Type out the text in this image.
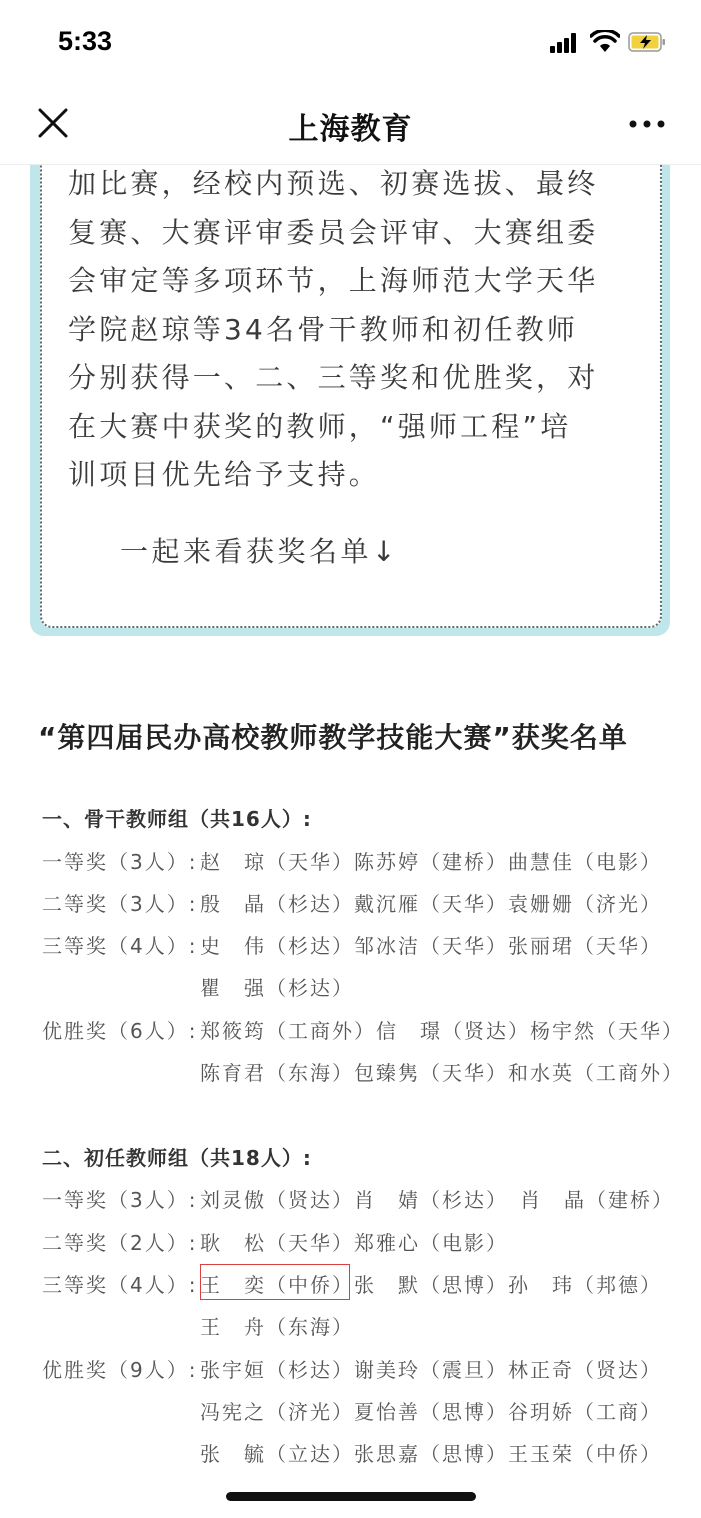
5:33
上海教育
加比赛，经校内预选、初赛选拔、最终
复赛、大赛评审委员会评审、大赛组委
会审定等多项环节，上海师范大学天华
学院赵琼等34名骨干教师和初任教师
分别获得一、二、三等奖和优胜奖，对
在大赛中获奖的教师，“强师工程”培
训项目优先给予支持。
一起来看获奖名单↓
“第四届民办高校教师教学技能大赛”获奖名单
一、骨干教师组（共16人）:
一等奖（3人）: 赵　琼（天华）陈苏婷（建桥）曲慧佳（电影）
二等奖（3人）: 殷　晶（杉达）戴沉雁（天华）袁姗姗（济光）
三等奖（4人）: 史　伟（杉达）邹冰洁（天华）张丽珺（天华）
瞿　强（杉达）
优胜奖（6人）: 郑筱筠（工商外）信　璟（贤达）杨宇然（天华）
陈育君（东海）包臻隽（天华）和水英（工商外）
二、初任教师组（共18人）:
一等奖（3人）: 刘灵傲（贤达）肖　婧（杉达）　肖　晶（建桥）
二等奖（2人）: 耿　松（天华）郑雅心（电影）
三等奖（4人）: 王　奕（中侨）张　默（思博）孙　玮（邦德）
王　舟（东海）
优胜奖（9人）: 张宇姮（杉达）谢美玲（震旦）林正奇（贤达）
冯宪之（济光）夏怡善（思博）谷玥娇（工商）
张　毓（立达）张思嘉（思博）王玉荣（中侨）
